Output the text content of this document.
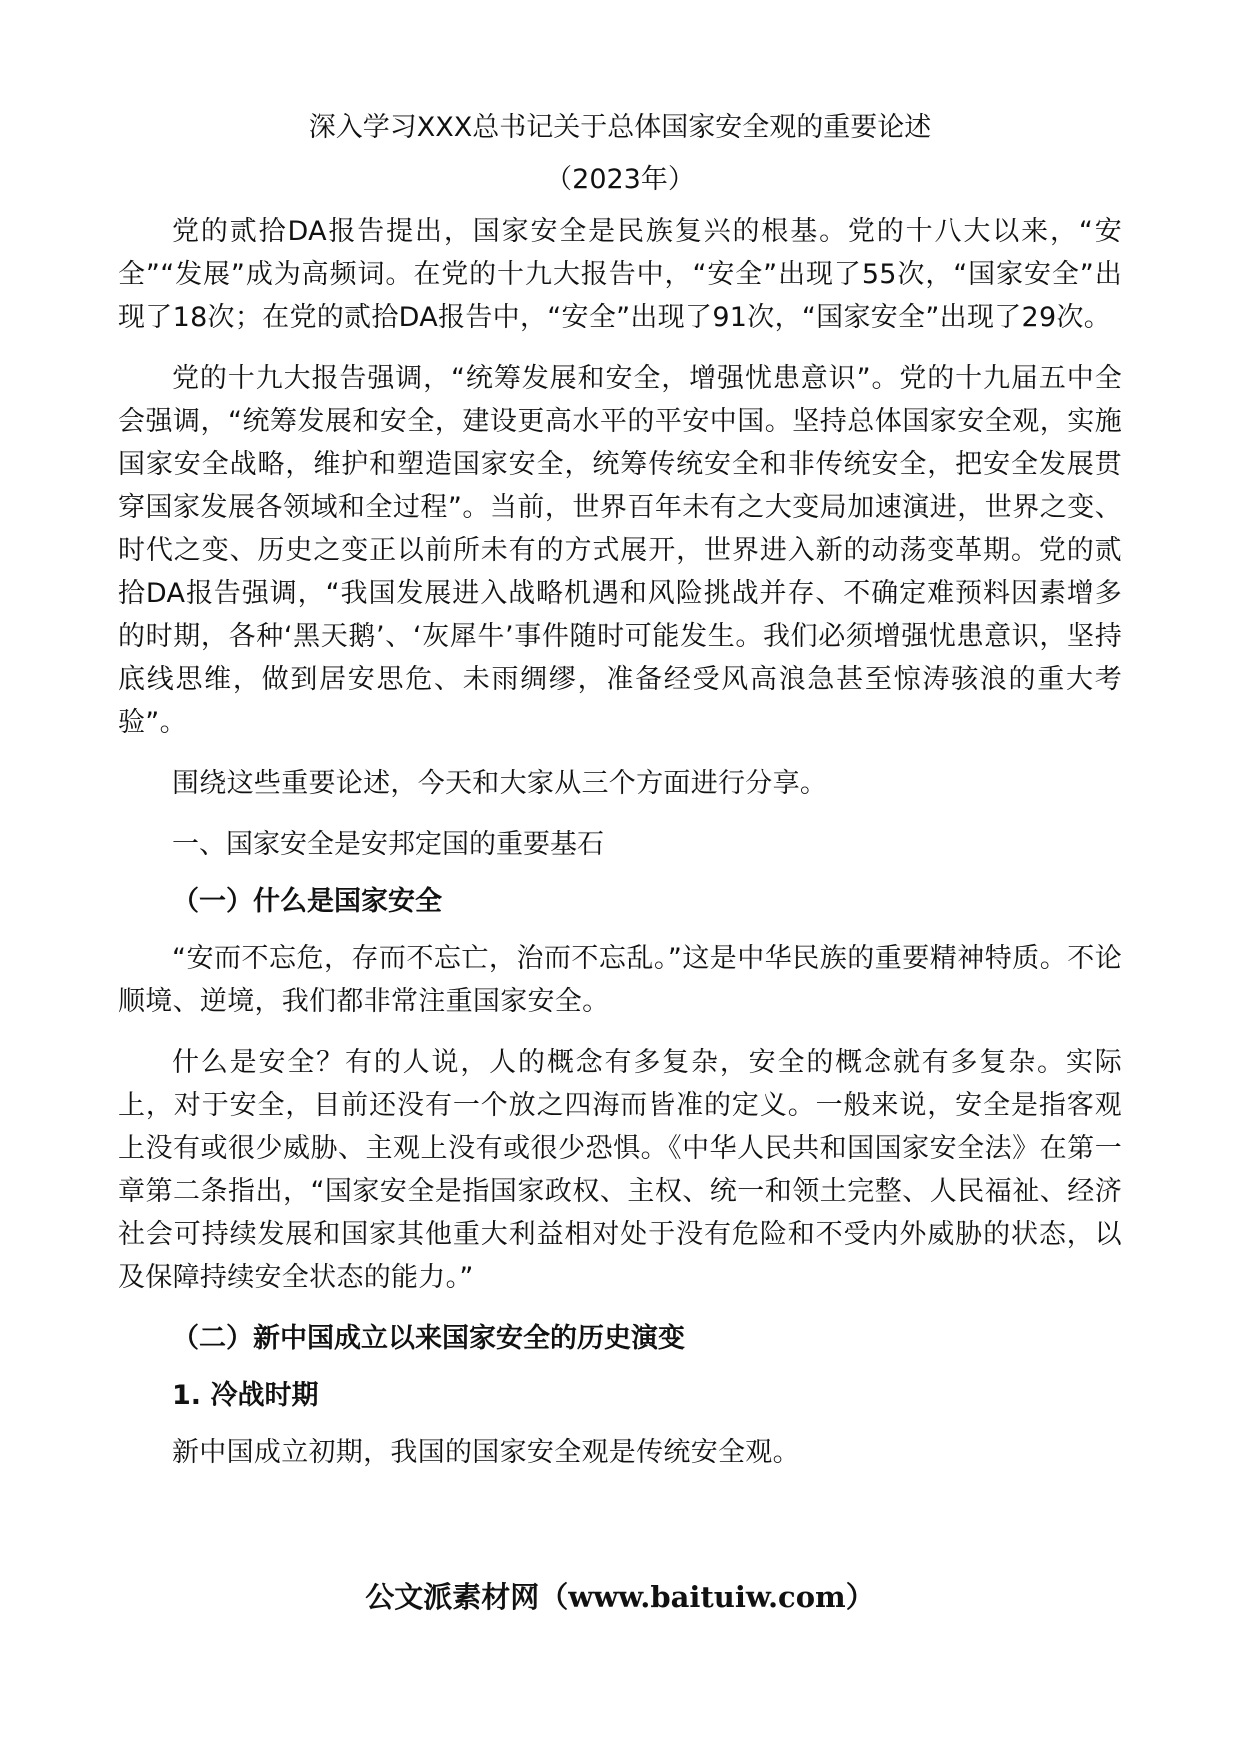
深入学习XXX总书记关于总体国家安全观的重要论述
（2023年）

党的贰拾DA报告提出，国家安全是民族复兴的根基。党的十八大以来，“安全”“发展”成为高频词。在党的十九大报告中，“安全”出现了55次，“国家安全”出现了18次；在党的贰拾DA报告中，“安全”出现了91次，“国家安全”出现了29次。

党的十九大报告强调，“统筹发展和安全，增强忧患意识”。党的十九届五中全会强调，“统筹发展和安全，建设更高水平的平安中国。坚持总体国家安全观，实施国家安全战略，维护和塑造国家安全，统筹传统安全和非传统安全，把安全发展贯穿国家发展各领域和全过程”。当前，世界百年未有之大变局加速演进，世界之变、时代之变、历史之变正以前所未有的方式展开，世界进入新的动荡变革期。党的贰拾DA报告强调，“我国发展进入战略机遇和风险挑战并存、不确定难预料因素增多的时期，各种‘黑天鹅’、‘灰犀牛’事件随时可能发生。我们必须增强忧患意识，坚持底线思维，做到居安思危、未雨绸缪，准备经受风高浪急甚至惊涛骇浪的重大考验”。

围绕这些重要论述，今天和大家从三个方面进行分享。

一、国家安全是安邦定国的重要基石
（一）什么是国家安全

“安而不忘危，存而不忘亡，治而不忘乱。”这是中华民族的重要精神特质。不论顺境、逆境，我们都非常注重国家安全。

什么是安全？有的人说，人的概念有多复杂，安全的概念就有多复杂。实际上，对于安全，目前还没有一个放之四海而皆准的定义。一般来说，安全是指客观上没有或很少威胁、主观上没有或很少恐惧。《中华人民共和国国家安全法》在第一章第二条指出，“国家安全是指国家政权、主权、统一和领土完整、人民福祉、经济社会可持续发展和国家其他重大利益相对处于没有危险和不受内外威胁的状态，以及保障持续安全状态的能力。”

（二）新中国成立以来国家安全的历史演变
1. 冷战时期

新中国成立初期，我国的国家安全观是传统安全观。

公文派素材网（www.baituiw.com）
